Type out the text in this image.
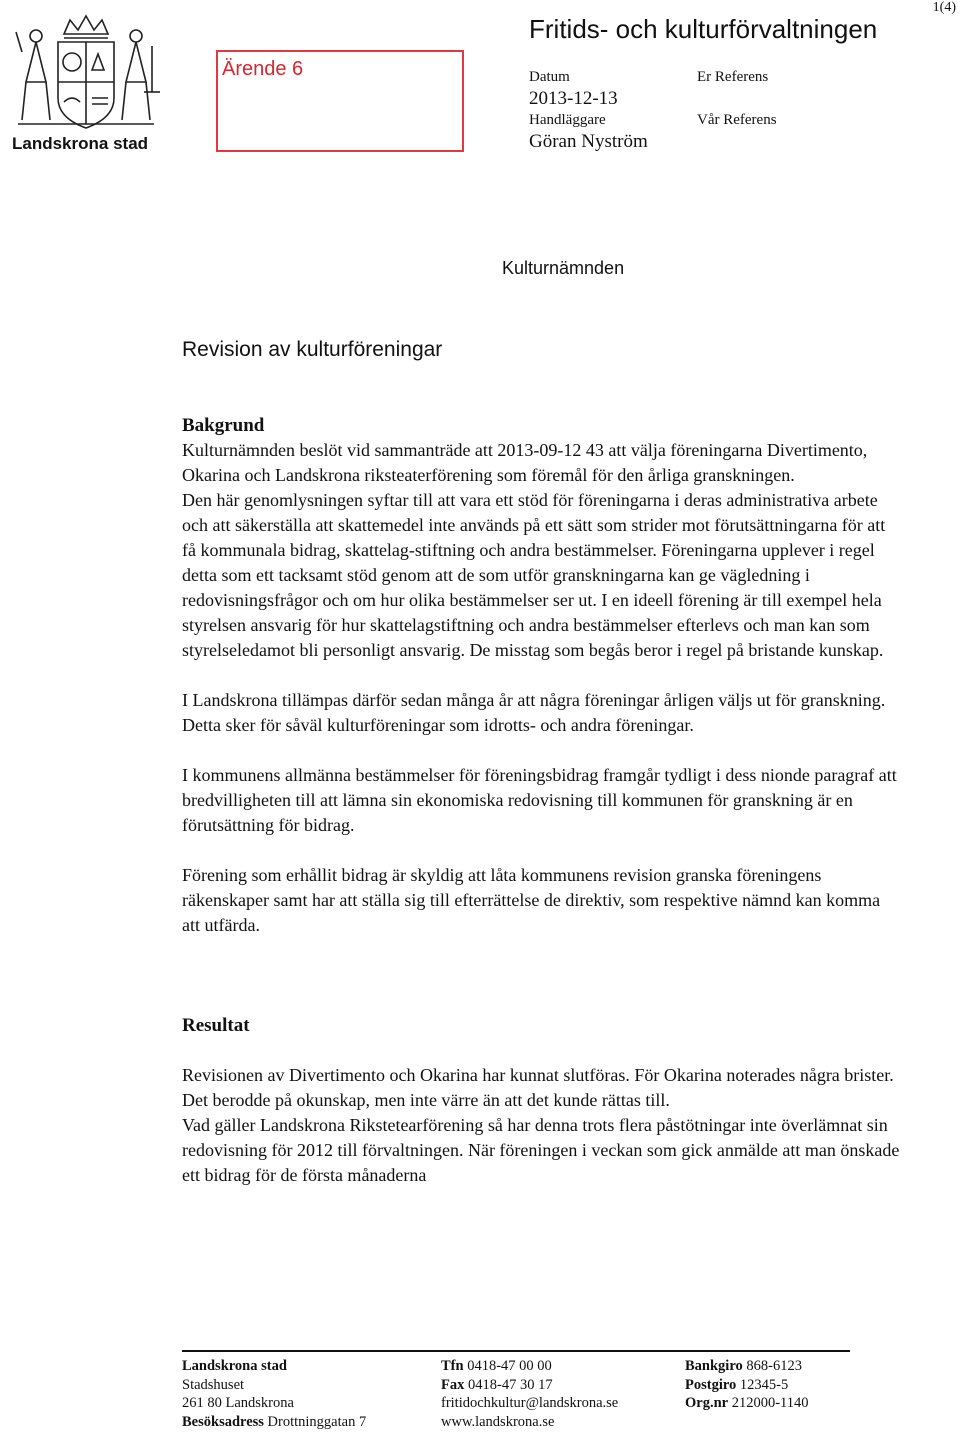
Landskrona stad
Ärende 6
1(4)
Fritids- och kulturförvaltningen
Datum
2013-12-13
Handläggare
Göran Nyström
Er Referens
Vår Referens
Kulturnämnden
Revision av kulturföreningar
Bakgrund

Kulturnämnden beslöt vid sammanträde att 2013-09-12 43 att välja föreningarna Divertimento, Okarina och Landskrona riksteaterförening som föremål för den årliga granskningen.

Den här genomlysningen syftar till att vara ett stöd för föreningarna i deras administrativa arbete och att säkerställa att skattemedel inte används på ett sätt som strider mot förutsättningarna för att få kommunala bidrag, skattelag-stiftning och andra bestämmelser. Föreningarna upplever i regel detta som ett tacksamt stöd genom att de som utför granskningarna kan ge vägledning i redovisningsfrågor och om hur olika bestämmelser ser ut. I en ideell förening är till exempel hela styrelsen ansvarig för hur skattelagstiftning och andra bestämmelser efterlevs och man kan som styrelseledamot bli personligt ansvarig. De misstag som begås beror i regel på bristande kunskap.

I Landskrona tillämpas därför sedan många år att några föreningar årligen väljs ut för granskning. Detta sker för såväl kulturföreningar som idrotts- och andra föreningar.

I kommunens allmänna bestämmelser för föreningsbidrag framgår tydligt i dess nionde paragraf att bredvilligheten till att lämna sin ekonomiska redovisning till kommunen för granskning är en förutsättning för bidrag.

Förening som erhållit bidrag är skyldig att låta kommunens revision granska föreningens räkenskaper samt har att ställa sig till efterrättelse de direktiv, som respektive nämnd kan komma att utfärda.

Resultat

Revisionen av Divertimento och Okarina har kunnat slutföras. För Okarina noterades några brister. Det berodde på okunskap, men inte värre än att det kunde rättas till.

Vad gäller Landskrona Rikstetearförening så har denna trots flera påstötningar inte överlämnat sin redovisning för 2012 till förvaltningen. När föreningen i veckan som gick anmälde att man önskade ett bidrag för de första månaderna

Landskrona stad
Stadshuset
261 80 Landskrona
Besöksadress Drottninggatan 7
Tfn 0418-47 00 00
Fax 0418-47 30 17
fritidochkultur@landskrona.se
www.landskrona.se
Bankgiro 868-6123
Postgiro 12345-5
Org.nr 212000-1140
